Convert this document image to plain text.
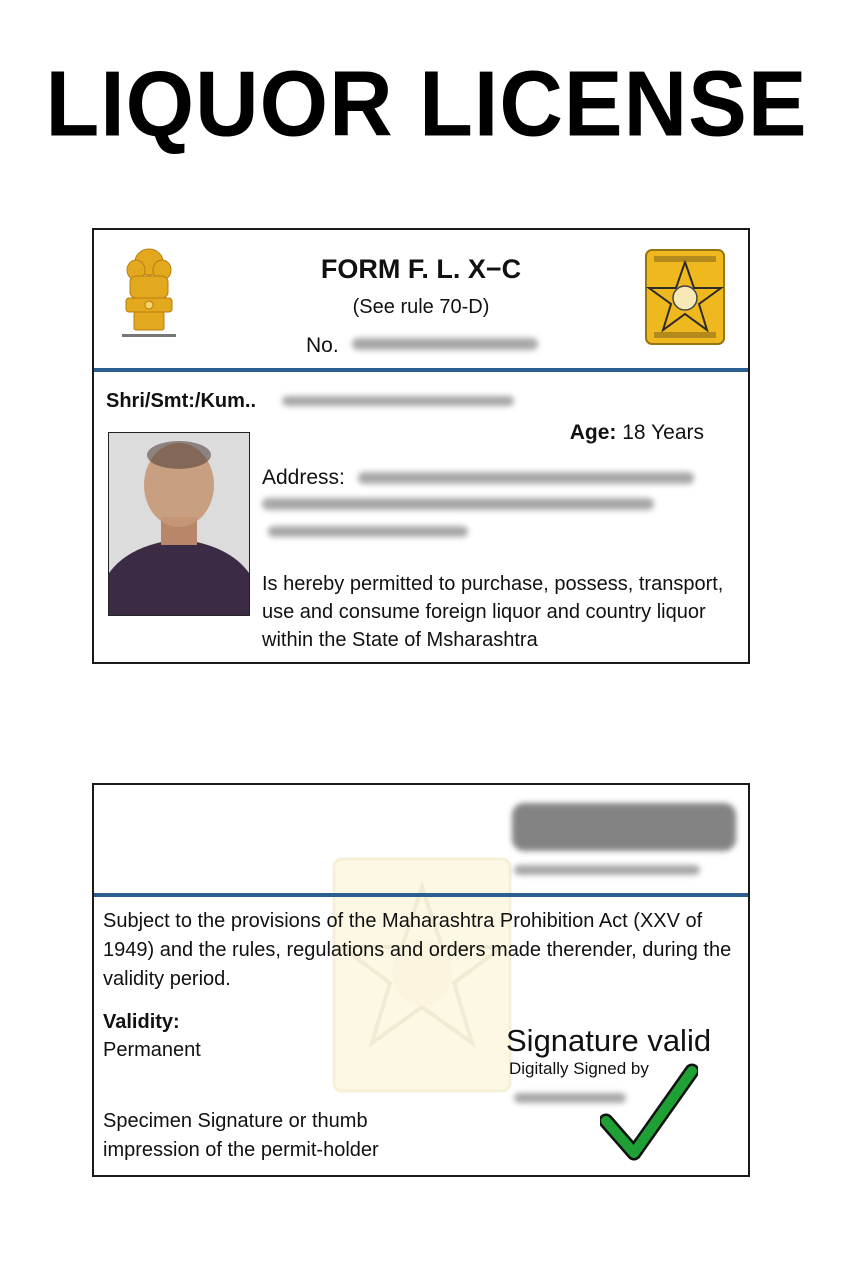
LIQUOR LICENSE
FORM F. L. X−C
(See rule 70-D)
No.
Shri/Smt:/Kum..
Age: 18 Years
Address:
Is hereby permitted to purchase, possess, transport, use and consume foreign liquor and country liquor within the State of Msharashtra
Subject to the provisions of the Maharashtra Prohibition Act (XXV of 1949) and the rules, regulations and orders made therender, during the validity period.
Validity:
Permanent
Specimen Signature or thumb impression of the permit-holder
Signature valid
Digitally Signed by
